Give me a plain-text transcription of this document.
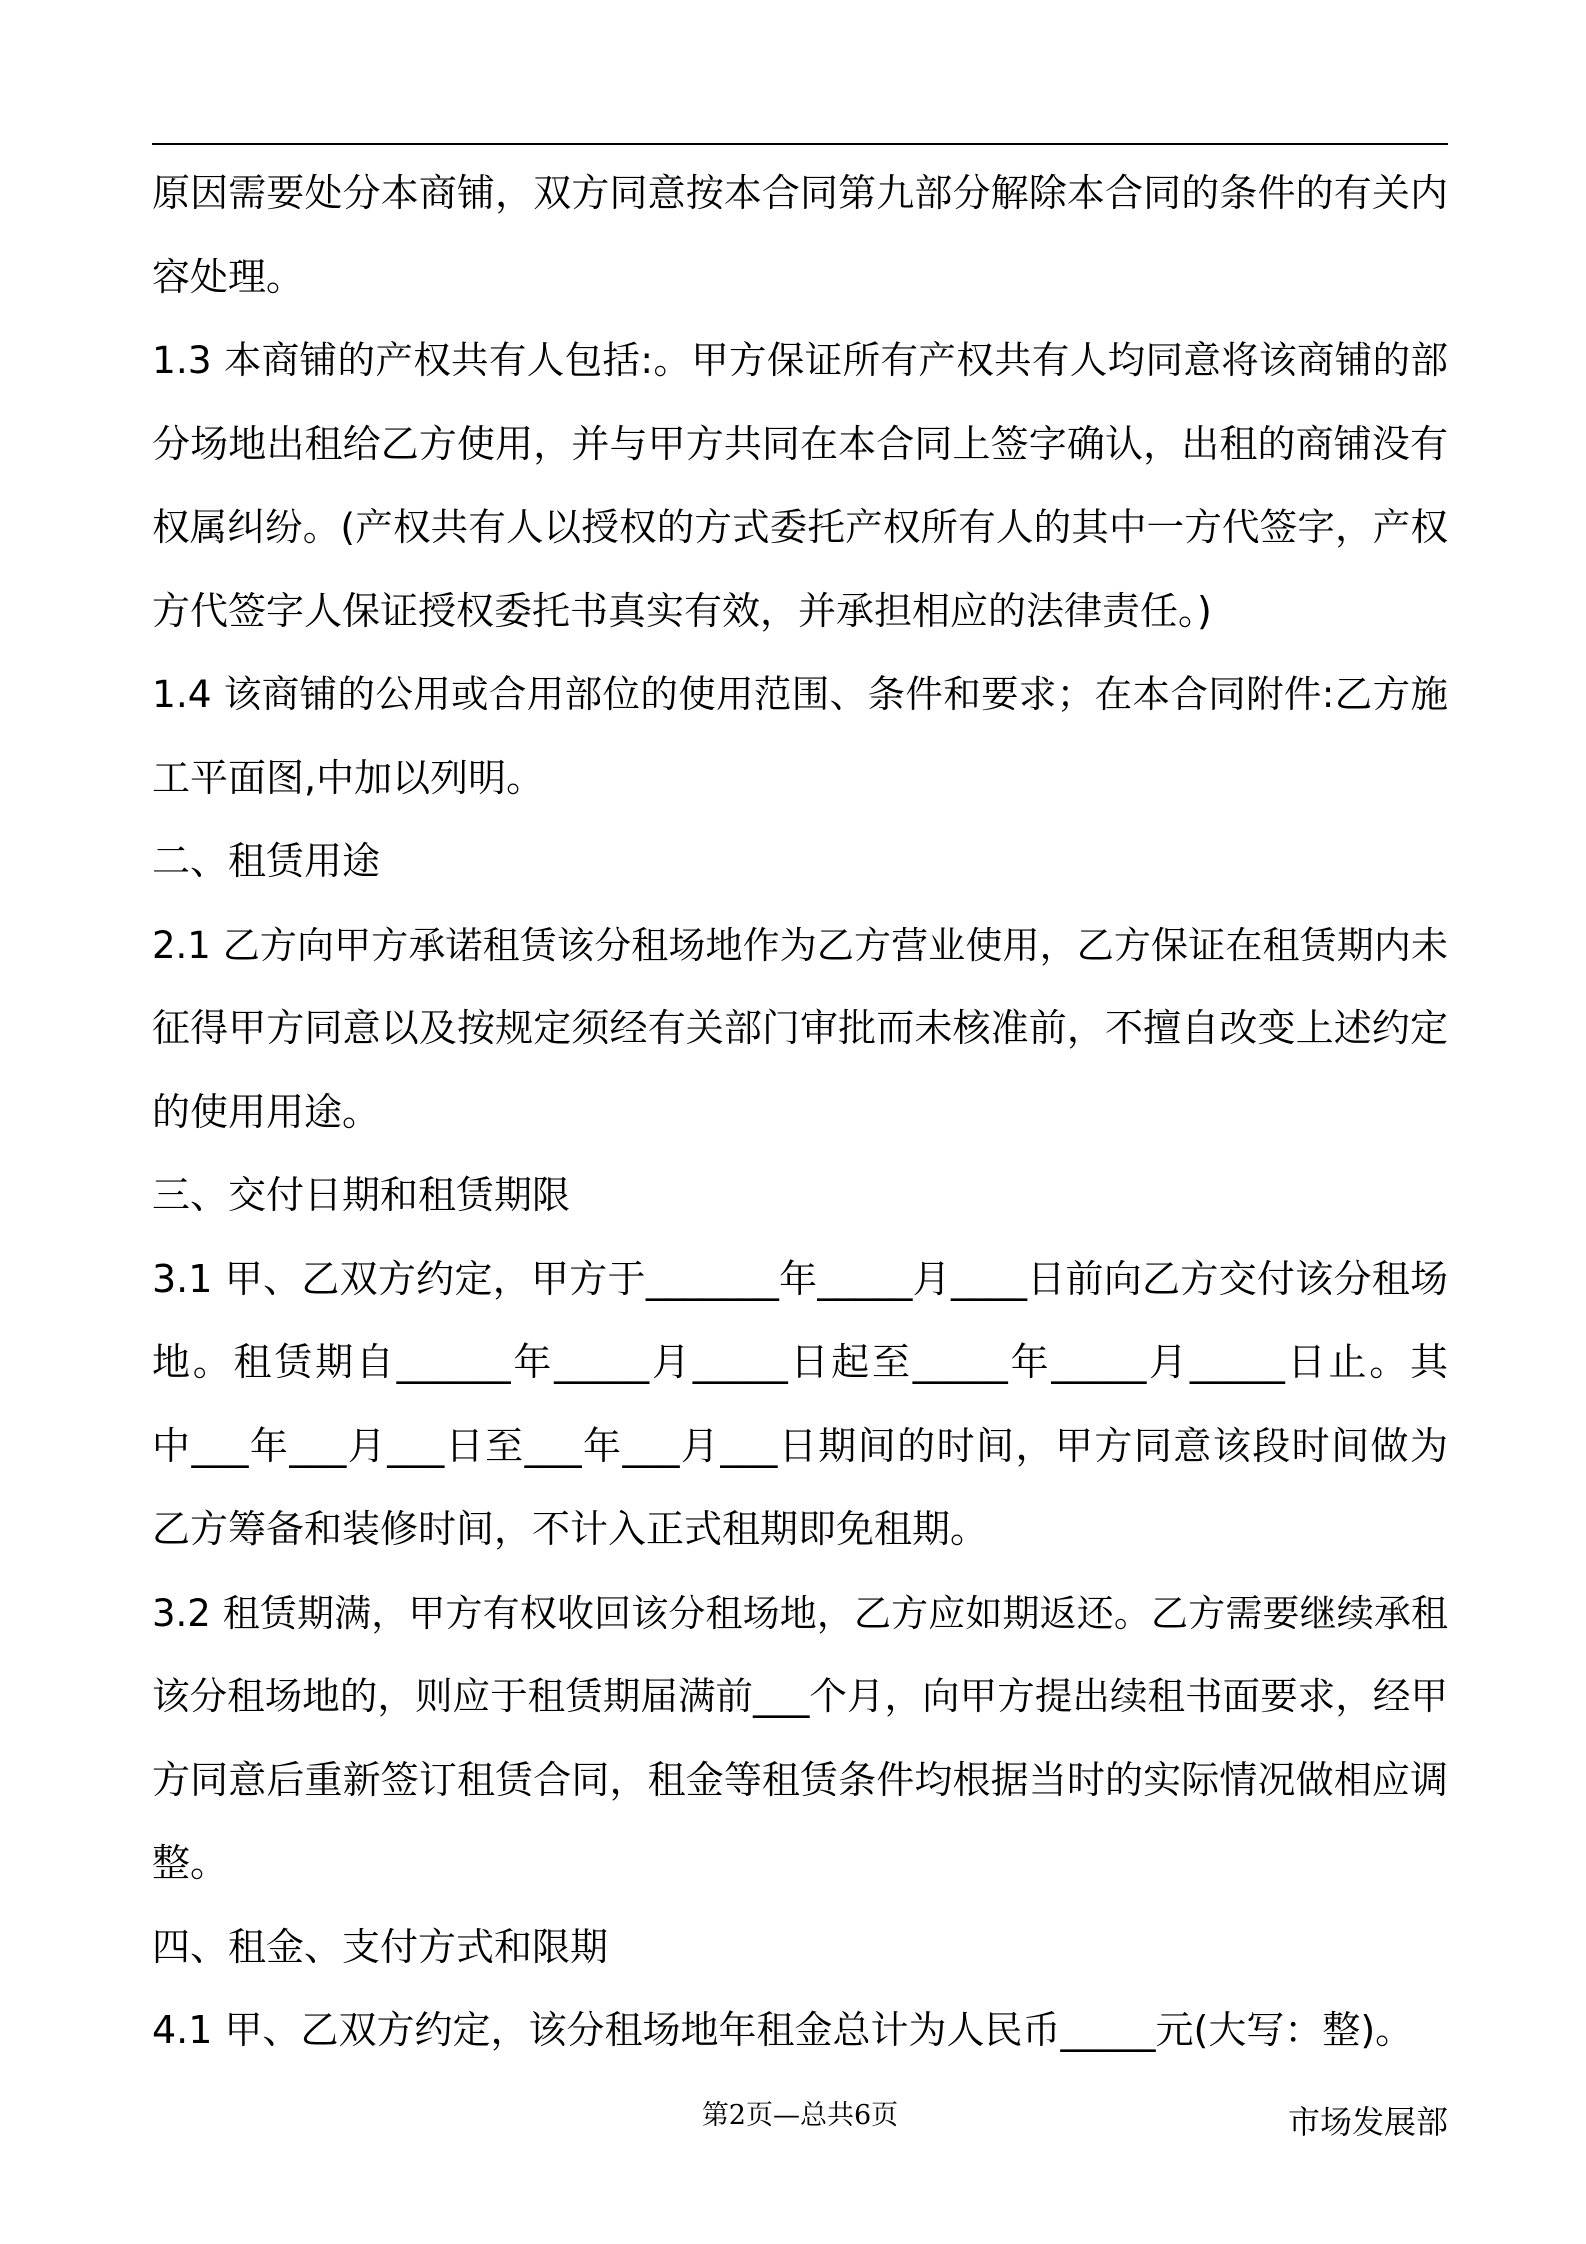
原因需要处分本商铺，双方同意按本合同第九部分解除本合同的条件的有关内
容处理。
1.3 本商铺的产权共有人包括:。甲方保证所有产权共有人均同意将该商铺的部
分场地出租给乙方使用，并与甲方共同在本合同上签字确认，出租的商铺没有
权属纠纷。(产权共有人以授权的方式委托产权所有人的其中一方代签字，产权
方代签字人保证授权委托书真实有效，并承担相应的法律责任。)
1.4 该商铺的公用或合用部位的使用范围、条件和要求；在本合同附件:乙方施
工平面图,中加以列明。
二、租赁用途
2.1 乙方向甲方承诺租赁该分租场地作为乙方营业使用，乙方保证在租赁期内未
征得甲方同意以及按规定须经有关部门审批而未核准前，不擅自改变上述约定
的使用用途。
三、交付日期和租赁期限
3.1 甲、乙双方约定，甲方于_______年_____月____日前向乙方交付该分租场
地。租赁期自______年_____月_____日起至_____年_____月_____日止。其
中___年___月___日至___年___月___日期间的时间，甲方同意该段时间做为
乙方筹备和装修时间，不计入正式租期即免租期。
3.2 租赁期满，甲方有权收回该分租场地，乙方应如期返还。乙方需要继续承租
该分租场地的，则应于租赁期届满前___个月，向甲方提出续租书面要求，经甲
方同意后重新签订租赁合同，租金等租赁条件均根据当时的实际情况做相应调
整。
四、租金、支付方式和限期
4.1 甲、乙双方约定，该分租场地年租金总计为人民币_____元(大写：整)。
第2页—总共6页	市场发展部
